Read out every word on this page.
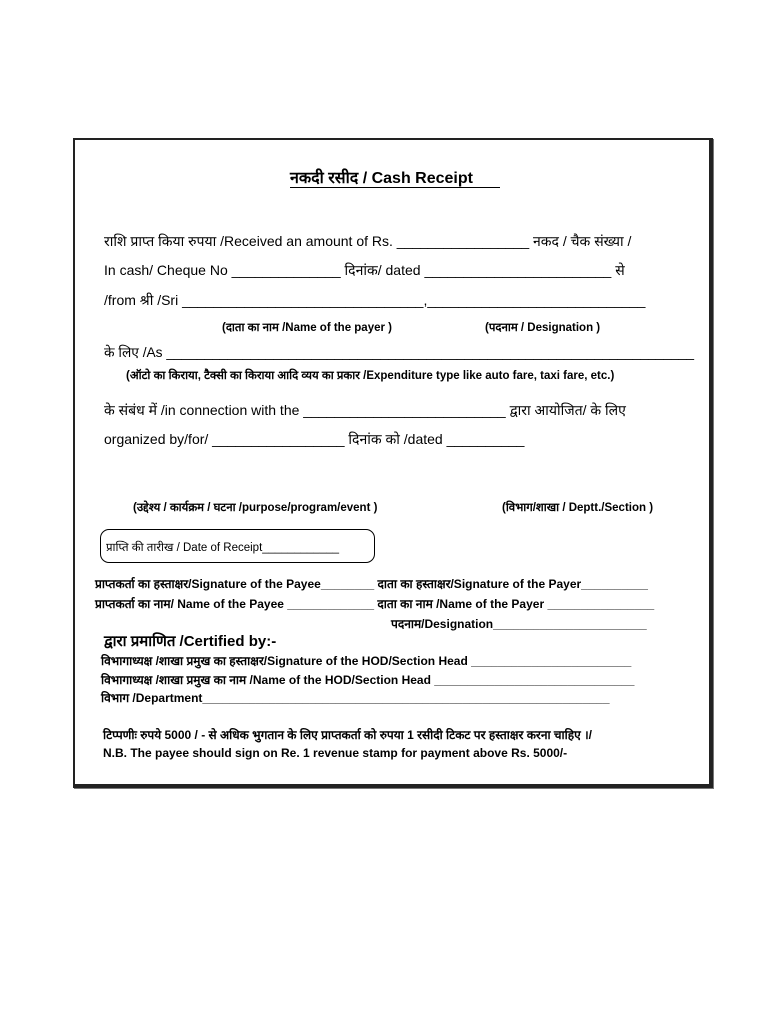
नकदी रसीद / Cash Receipt
राशि प्राप्त किया रुपया /Received an amount of Rs. _________________ नकद / चैक संख्या /
In cash/ Cheque No ______________ दिनांक/ dated ________________________ से
/from श्री /Sri _______________________________,____________________________
(दाता का नाम /Name of the payer )	(पदनाम / Designation )
के लिए /As _____________________________________________________________________
(ऑटो का किराया, टैक्सी का किराया आदि व्यय का प्रकार /Expenditure type like auto fare, taxi fare, etc.)
के संबंध में /in connection with the __________________________ द्वारा आयोजित/ के लिए
organized by/for/ _________________ दिनांक को /dated __________
(उद्देश्य / कार्यक्रम / घटना /purpose/program/event )	(विभाग/शाखा / Deptt./Section )
प्राप्ति की तारीख / Date of Receipt____________
प्राप्तकर्ता का हस्ताक्षर/Signature of the Payee________ दाता का हस्ताक्षर/Signature of the Payer__________
प्राप्तकर्ता का नाम/ Name of the Payee _____________ दाता का नाम /Name of the Payer ________________
पदनाम/Designation_______________________
द्वारा प्रमाणित /Certified by:-
विभागाध्यक्ष /शाखा प्रमुख का हस्ताक्षर/Signature of the HOD/Section Head ________________________
विभागाध्यक्ष /शाखा प्रमुख का नाम /Name of the HOD/Section Head ______________________________
विभाग /Department_____________________________________________________________
टिप्पणीः रुपये 5000 / - से अधिक भुगतान के लिए प्राप्तकर्ता को रुपया 1 रसीदी टिकट पर हस्ताक्षर करना चाहिए ।/
N.B. The payee should sign on Re. 1 revenue stamp for payment above Rs. 5000/-
